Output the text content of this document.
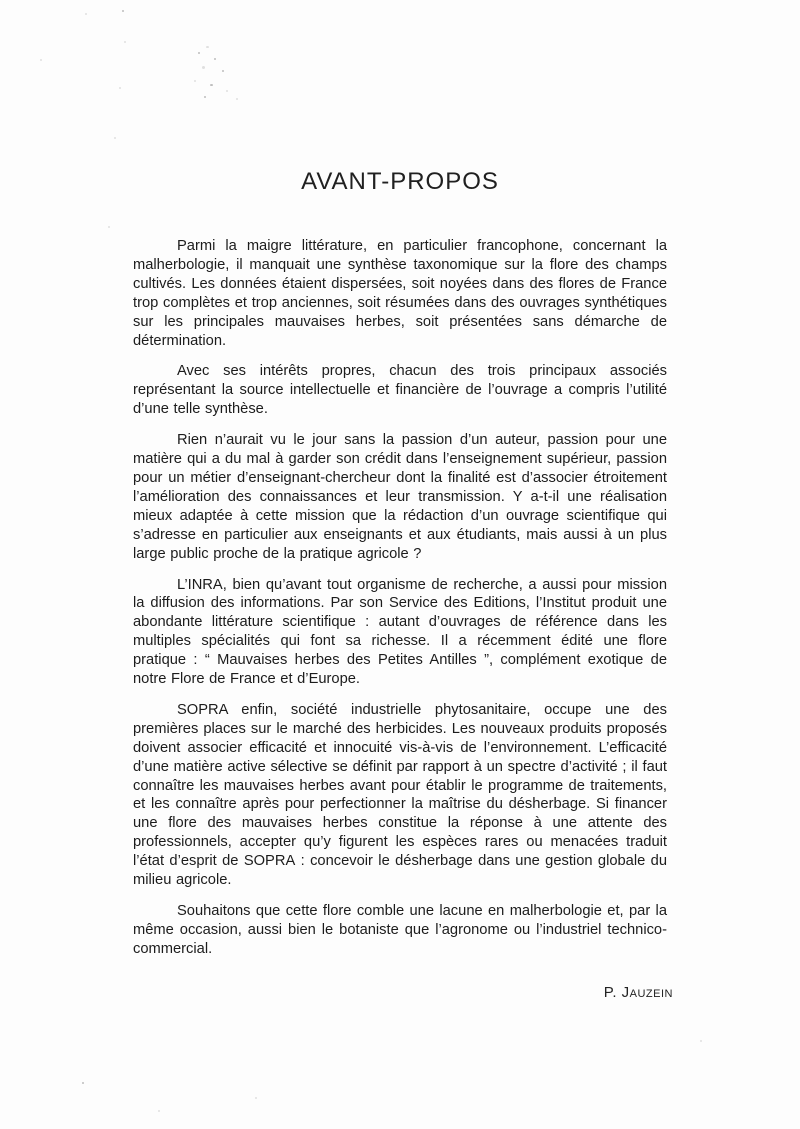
AVANT-PROPOS

Parmi la maigre littérature, en particulier francophone, concernant la malherbologie, il manquait une synthèse taxonomique sur la flore des champs cultivés. Les données étaient dispersées, soit noyées dans des flores de France trop complètes et trop anciennes, soit résumées dans des ouvrages synthétiques sur les principales mauvaises herbes, soit présentées sans démarche de détermination.

Avec ses intérêts propres, chacun des trois principaux associés représentant la source intellectuelle et financière de l’ouvrage a compris l’utilité d’une telle synthèse.

Rien n’aurait vu le jour sans la passion d’un auteur, passion pour une matière qui a du mal à garder son crédit dans l’enseignement supérieur, passion pour un métier d’enseignant-chercheur dont la finalité est d’associer étroitement l’amélioration des connaissances et leur transmission. Y a-t-il une réalisation mieux adaptée à cette mission que la rédaction d’un ouvrage scientifique qui s’adresse en particulier aux enseignants et aux étudiants, mais aussi à un plus large public proche de la pratique agricole ?

L’INRA, bien qu’avant tout organisme de recherche, a aussi pour mission la diffusion des informations. Par son Service des Editions, l’Institut produit une abondante littérature scientifique : autant d’ouvrages de référence dans les multiples spécialités qui font sa richesse. Il a récemment édité une flore pratique : “ Mauvaises herbes des Petites Antilles ”, complément exotique de notre Flore de France et d’Europe.

SOPRA enfin, société industrielle phytosanitaire, occupe une des premières places sur le marché des herbicides. Les nouveaux produits proposés doivent associer efficacité et innocuité vis-à-vis de l’environnement. L’efficacité d’une matière active sélective se définit par rapport à un spectre d’activité ; il faut connaître les mauvaises herbes avant pour établir le programme de traitements, et les connaître après pour perfectionner la maîtrise du désherbage. Si financer une flore des mauvaises herbes constitue la réponse à une attente des professionnels, accepter qu’y figurent les espèces rares ou menacées traduit l’état d’esprit de SOPRA : concevoir le désherbage dans une gestion globale du milieu agricole.

Souhaitons que cette flore comble une lacune en malherbologie et, par la même occasion, aussi bien le botaniste que l’agronome ou l’industriel technico-commercial.

P. Jauzein
